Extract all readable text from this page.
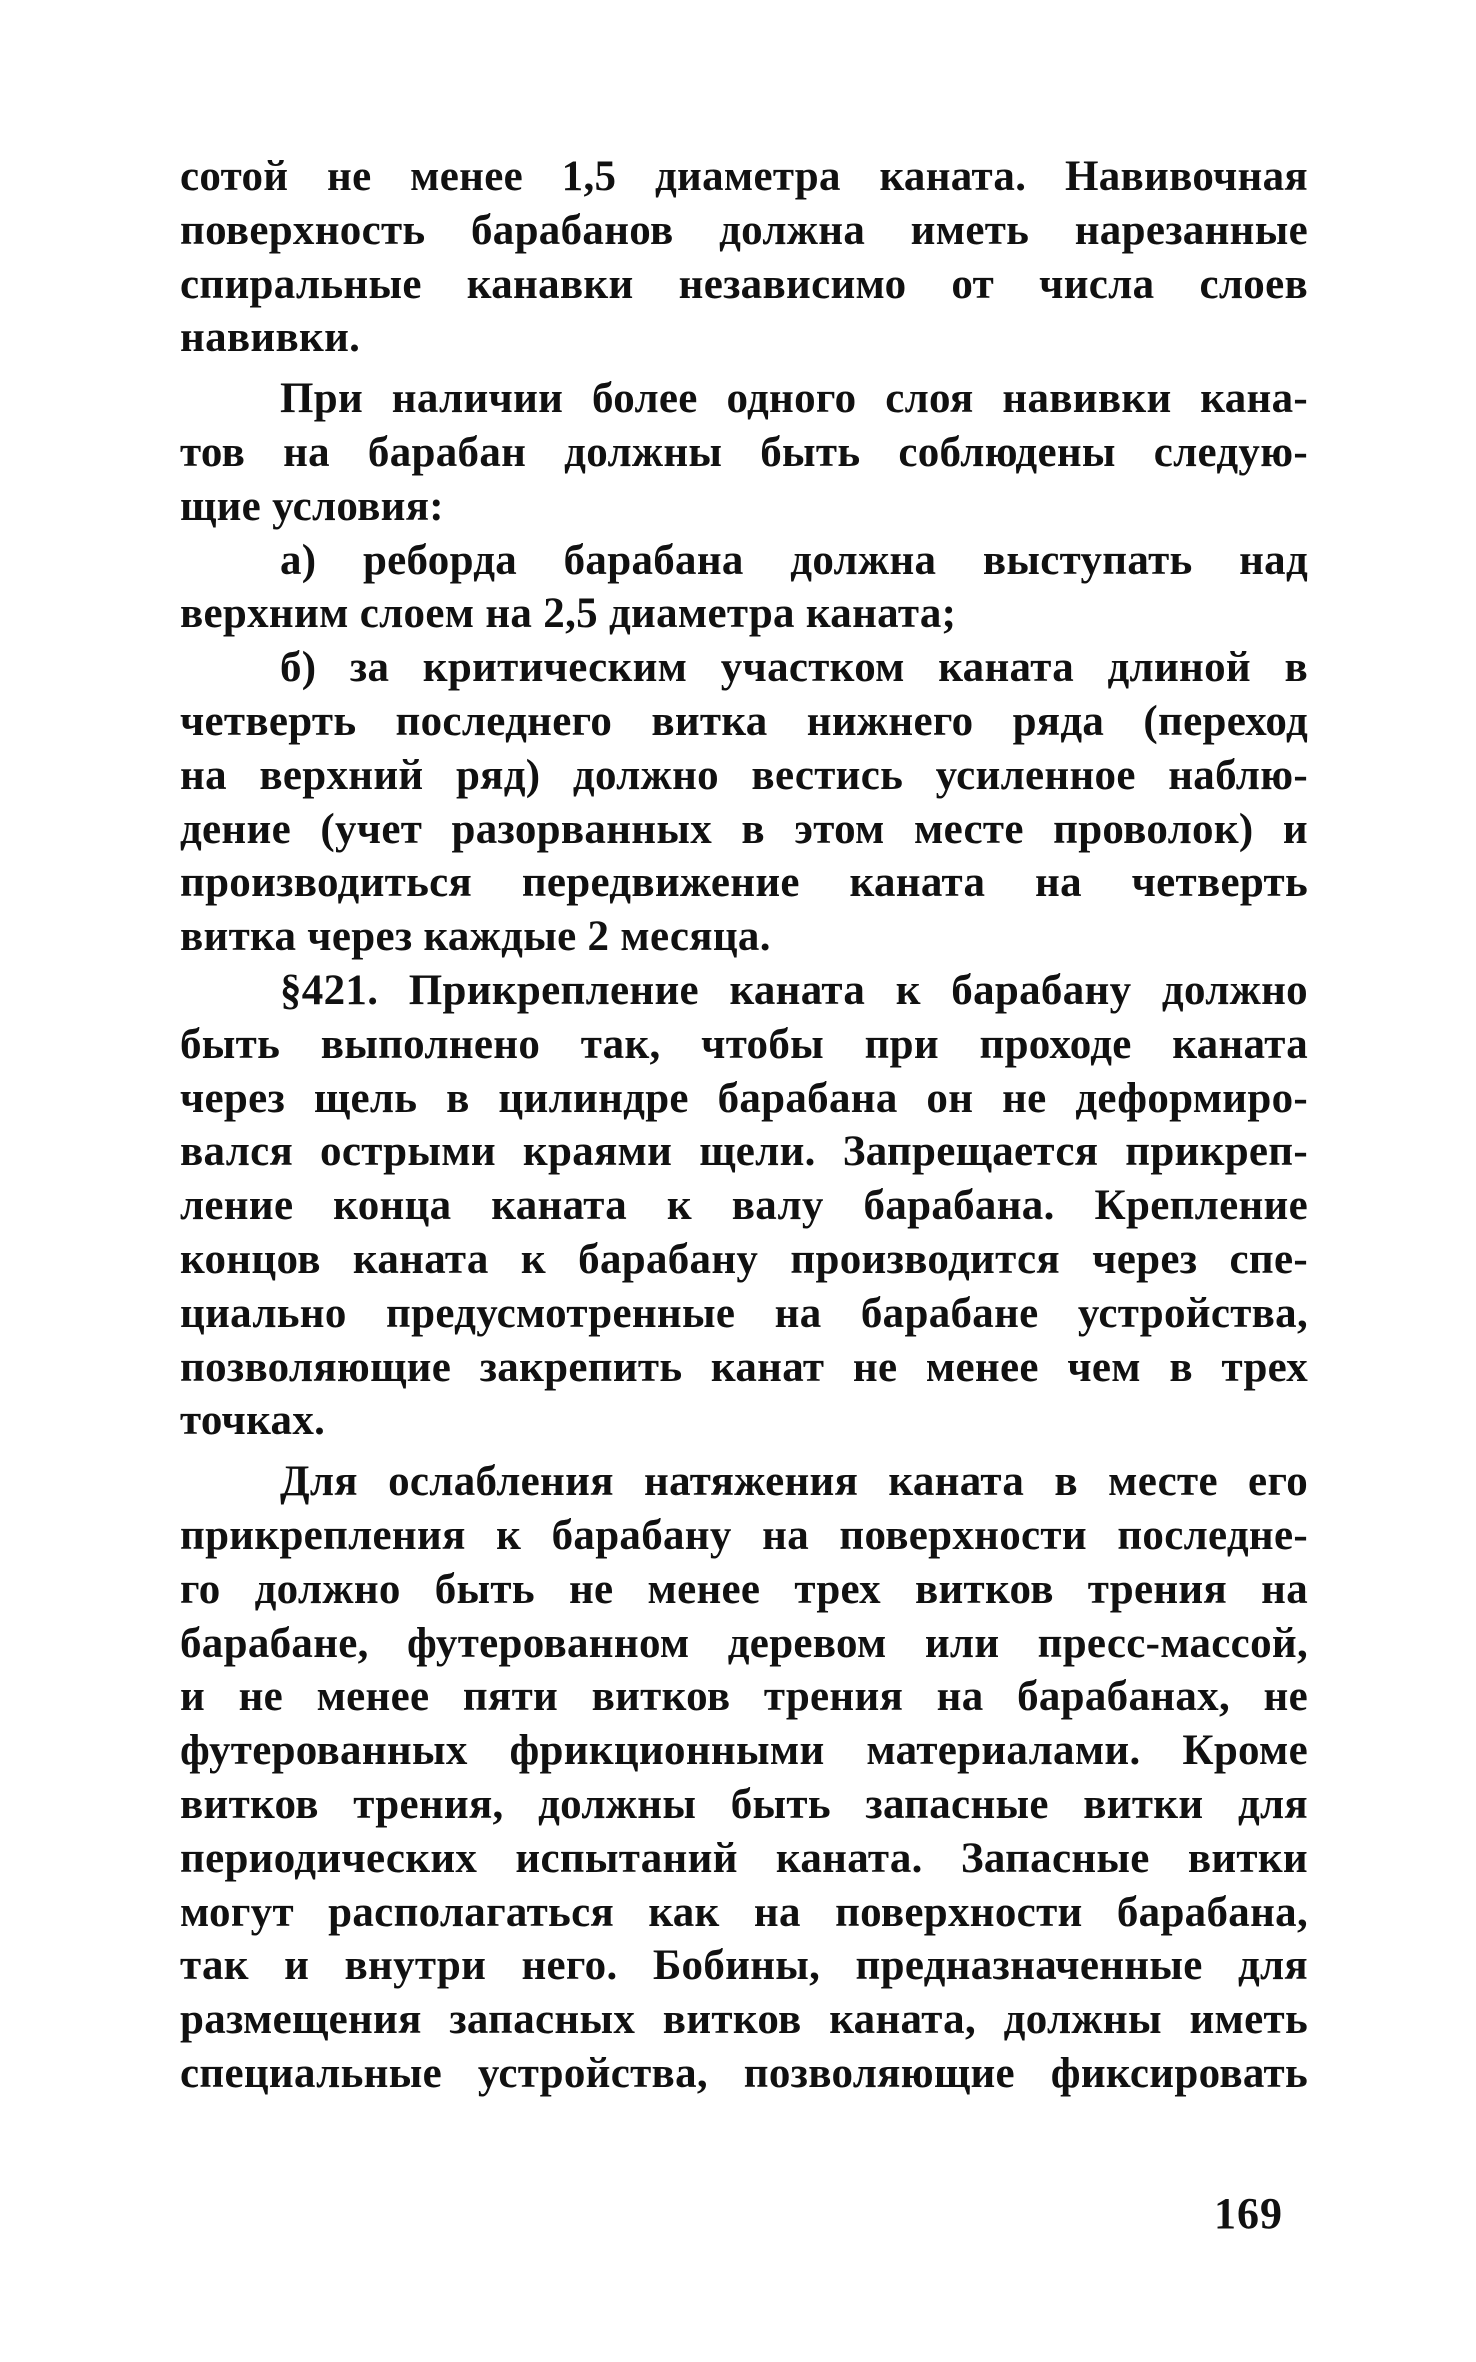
сотой не менее 1,5 диаметра каната. Навивочная
поверхность барабанов должна иметь нарезанные
спиральные канавки независимо от числа слоев
навивки.
При наличии более одного слоя навивки кана-
тов на барабан должны быть соблюдены следую-
щие условия:
а) реборда барабана должна выступать над
верхним слоем на 2,5 диаметра каната;
б) за критическим участком каната длиной в
четверть последнего витка нижнего ряда (переход
на верхний ряд) должно вестись усиленное наблю-
дение (учет разорванных в этом месте проволок) и
производиться передвижение каната на четверть
витка через каждые 2 месяца.
§421. Прикрепление каната к барабану должно
быть выполнено так, чтобы при проходе каната
через щель в цилиндре барабана он не деформиро-
вался острыми краями щели. Запрещается прикреп-
ление конца каната к валу барабана. Крепление
концов каната к барабану производится через спе-
циально предусмотренные на барабане устройства,
позволяющие закрепить канат не менее чем в трех
точках.
Для ослабления натяжения каната в месте его
прикрепления к барабану на поверхности последне-
го должно быть не менее трех витков трения на
барабане, футерованном деревом или пресс-массой,
и не менее пяти витков трения на барабанах, не
футерованных фрикционными материалами. Кроме
витков трения, должны быть запасные витки для
периодических испытаний каната. Запасные витки
могут располагаться как на поверхности барабана,
так и внутри него. Бобины, предназначенные для
размещения запасных витков каната, должны иметь
специальные устройства, позволяющие фиксировать
169
